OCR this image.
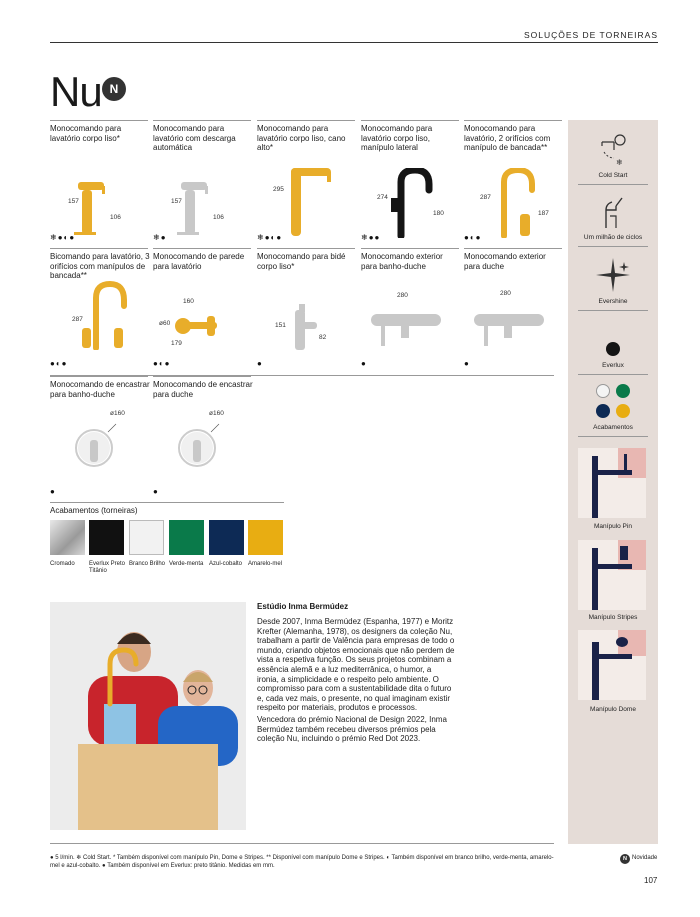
SOLUÇÕES DE TORNEIRAS
Nu N
Monocomando para lavatório corpo liso*
157
106
❄●◐●
Monocomando para lavatório com descarga automática
157
106
❄●
Monocomando para lavatório corpo liso, cano alto*
295
❄●◐●
Monocomando para lavatório corpo liso, manípulo lateral
274
180
❄●●
Monocomando para lavatório, 2 orifícios com manípulo de bancada**
287
187
●◐●
Bicomando para lavatório, 3 orifícios com manípulos de bancada**
287
●◐●
Monocomando de parede para lavatório
160
ø60
179
●◐●
Monocomando para bidé corpo liso*
151
82
●
Monocomando exterior para banho-duche
280
●
Monocomando exterior para duche
280
●
Monocomando de encastrar para banho-duche
ø160
●
Monocomando de encastrar para duche
ø160
●
Acabamentos (torneiras)
Cromado	Everlux Preto Titânio
Branco Brilho Verde-menta Azul-cobalto Amarelo-mel
❄
Cold Start
Um milhão de ciclos
Evershine
Everlux
Acabamentos
Manípulo Pin
Manípulo Stripes
Manípulo Dome
Estúdio Inma Bermúdez
Desde 2007, Inma Bermúdez (Espanha, 1977) e Moritz Krefter (Alemanha, 1978), os designers da coleção Nu, trabalham a partir de Valência para empresas de todo o mundo, criando objetos emocionais que não perdem de vista a respetiva função. Os seus projetos combinam a essência alemã e a luz mediterrânica, o humor, a ironia, a simplicidade e o respeito pelo ambiente. O compromisso para com a sustentabilidade dita o futuro e, cada vez mais, o presente, no qual imaginam existir respeito por materiais, produtos e processos.
Vencedora do prémio Nacional de Design 2022, Inma Bermúdez também recebeu diversos prémios pela coleção Nu, incluindo o prémio Red Dot 2023.
● 5 l/min. ❄ Cold Start. * Também disponível com manípulo Pin, Dome e Stripes. ** Disponível com manípulo Dome e Stripes. ◐ Também disponível em branco brilho, verde-menta, amarelo-mel e azul-cobalto. ● Também disponível em Everlux: preto titânio. Medidas em mm.
N Novidade
107
